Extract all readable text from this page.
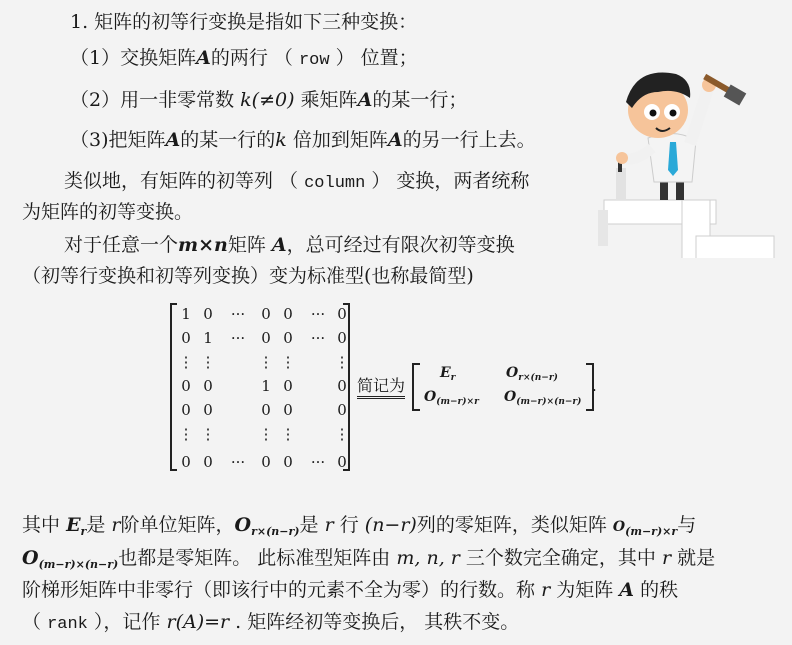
1. 矩阵的初等行变换是指如下三种变换：
（1）交换矩阵A的两行 （ row ） 位置；
（2）用一非零常数 k(≠0) 乘矩阵A的某一行；
（3)把矩阵A的某一行的k 倍加到矩阵A的另一行上去。
类似地，有矩阵的初等列 （ column ） 变换，两者统称
为矩阵的初等变换。
对于任意一个m×n矩阵 A，总可经过有限次初等变换
（初等行变换和初等列变换）变为标准型(也称最简型)
1 0 ··· 0 0 ··· 0
0 1 ··· 0 0 ··· 0
⋮ ⋮	⋮ ⋮	⋮
0 0	1 0	0
0 0	0 0	0
⋮ ⋮	⋮ ⋮	⋮
0 0 ··· 0 0 ··· 0
简记为
$E_r$	$O_{r\times(n-r)}$
$O_{(m-r)\times r}$ $O_{(m-r)\times(n-r)}$
.
其中 $E_r$是 r阶单位矩阵，$O_{r\times(n-r)}$是 r 行 (n−r)列的零矩阵，类似矩阵 $O_{(m-r)\times r}$与
$O_{(m-r)\times(n-r)}$也都是零矩阵。 此标准型矩阵由 m, n, r 三个数完全确定，其中 r 就是
阶梯形矩阵中非零行（即该行中的元素不全为零）的行数。称 r 为矩阵 A 的秩
（ rank ），记作 r(A)=r . 矩阵经初等变换后， 其秩不变。
